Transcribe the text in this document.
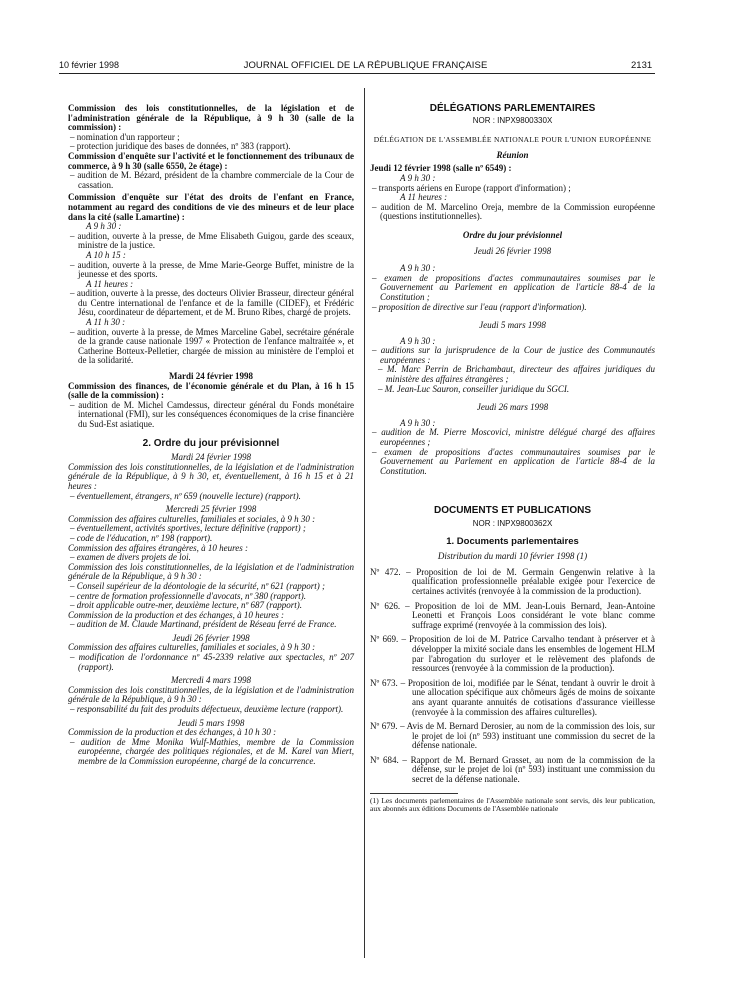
10 février 1998	JOURNAL OFFICIEL DE LA RÉPUBLIQUE FRANÇAISE	2131

Commission des lois constitutionnelles, de la législation et de l'administration générale de la République, à 9 h 30 (salle de la commission) :

– nomination d'un rapporteur ;

– protection juridique des bases de données, nº 383 (rapport).

Commission d'enquête sur l'activité et le fonctionnement des tribunaux de commerce, à 9 h 30 (salle 6550, 2e étage) :

– audition de M. Bézard, président de la chambre commerciale de la Cour de cassation.

Commission d'enquête sur l'état des droits de l'enfant en France, notamment au regard des conditions de vie des mineurs et de leur place dans la cité (salle Lamartine) :

A 9 h 30 :

– audition, ouverte à la presse, de Mme Elisabeth Guigou, garde des sceaux, ministre de la justice.

A 10 h 15 :

– audition, ouverte à la presse, de Mme Marie-George Buffet, ministre de la jeunesse et des sports.

A 11 heures :

– audition, ouverte à la presse, des docteurs Olivier Brasseur, directeur général du Centre international de l'enfance et de la famille (CIDEF), et Frédéric Jésu, coordinateur de département, et de M. Bruno Ribes, chargé de projets.

A 11 h 30 :

– audition, ouverte à la presse, de Mmes Marceline Gabel, secrétaire générale de la grande cause nationale 1997 « Protection de l'enfance maltraitée », et Catherine Botteux-Pelletier, chargée de mission au ministère de l'emploi et de la solidarité.

Mardi 24 février 1998

Commission des finances, de l'économie générale et du Plan, à 16 h 15 (salle de la commission) :

– audition de M. Michel Camdessus, directeur général du Fonds monétaire international (FMI), sur les conséquences économiques de la crise financière du Sud-Est asiatique.

2. Ordre du jour prévisionnel

Mardi 24 février 1998

Commission des lois constitutionnelles, de la législation et de l'administration générale de la République, à 9 h 30, et, éventuellement, à 16 h 15 et à 21 heures :

– éventuellement, étrangers, nº 659 (nouvelle lecture) (rapport).

Mercredi 25 février 1998

Commission des affaires culturelles, familiales et sociales, à 9 h 30 :

– éventuellement, activités sportives, lecture définitive (rapport) ;

– code de l'éducation, nº 198 (rapport).

Commission des affaires étrangères, à 10 heures :

– examen de divers projets de loi.

Commission des lois constitutionnelles, de la législation et de l'administration générale de la République, à 9 h 30 :

– Conseil supérieur de la déontologie de la sécurité, nº 621 (rapport) ;

– centre de formation professionnelle d'avocats, nº 380 (rapport).

– droit applicable outre-mer, deuxième lecture, nº 687 (rapport).

Commission de la production et des échanges, à 10 heures :

– audition de M. Claude Martinand, président de Réseau ferré de France.

Jeudi 26 février 1998

Commission des affaires culturelles, familiales et sociales, à 9 h 30 :

– modification de l'ordonnance nº 45-2339 relative aux spectacles, nº 207 (rapport).

Mercredi 4 mars 1998

Commission des lois constitutionnelles, de la législation et de l'administration générale de la République, à 9 h 30 :

– responsabilité du fait des produits défectueux, deuxième lecture (rapport).

Jeudi 5 mars 1998

Commission de la production et des échanges, à 10 h 30 :

– audition de Mme Monika Wulf-Mathies, membre de la Commission européenne, chargée des politiques régionales, et de M. Karel van Miert, membre de la Commission européenne, chargé de la concurrence.

DÉLÉGATIONS PARLEMENTAIRES

NOR : INPX9800330X

DÉLÉGATION DE L'ASSEMBLÉE NATIONALE POUR L'UNION EUROPÉENNE

Réunion

Jeudi 12 février 1998 (salle nº 6549) :

A 9 h 30 :

– transports aériens en Europe (rapport d'information) ;

A 11 heures :

– audition de M. Marcelino Oreja, membre de la Commission européenne (questions institutionnelles).

Ordre du jour prévisionnel

Jeudi 26 février 1998

A 9 h 30 :

– examen de propositions d'actes communautaires soumises par le Gouvernement au Parlement en application de l'article 88-4 de la Constitution ;

– proposition de directive sur l'eau (rapport d'information).

Jeudi 5 mars 1998

A 9 h 30 :

– auditions sur la jurisprudence de la Cour de justice des Communautés européennes :

– M. Marc Perrin de Brichambaut, directeur des affaires juridiques du ministère des affaires étrangères ;

– M. Jean-Luc Sauron, conseiller juridique du SGCI.

Jeudi 26 mars 1998

A 9 h 30 :

– audition de M. Pierre Moscovici, ministre délégué chargé des affaires européennes ;

– examen de propositions d'actes communautaires soumises par le Gouvernement au Parlement en application de l'article 88-4 de la Constitution.

DOCUMENTS ET PUBLICATIONS

NOR : INPX9800362X

1. Documents parlementaires

Distribution du mardi 10 février 1998 (1)

Nº 472. – Proposition de loi de M. Germain Gengenwin relative à la qualification professionnelle préalable exigée pour l'exercice de certaines activités (renvoyée à la commission de la production).

Nº 626. – Proposition de loi de MM. Jean-Louis Bernard, Jean-Antoine Leonetti et François Loos considérant le vote blanc comme suffrage exprimé (renvoyée à la commission des lois).

Nº 669. – Proposition de loi de M. Patrice Carvalho tendant à préserver et à développer la mixité sociale dans les ensembles de logement HLM par l'abrogation du surloyer et le relèvement des plafonds de ressources (renvoyée à la commission de la production).

Nº 673. – Proposition de loi, modifiée par le Sénat, tendant à ouvrir le droit à une allocation spécifique aux chômeurs âgés de moins de soixante ans ayant quarante annuités de cotisations d'assurance vieillesse (renvoyée à la commission des affaires culturelles).

Nº 679. – Avis de M. Bernard Derosier, au nom de la commission des lois, sur le projet de loi (nº 593) instituant une commission du secret de la défense nationale.

Nº 684. – Rapport de M. Bernard Grasset, au nom de la commission de la défense, sur le projet de loi (nº 593) instituant une commission du secret de la défense nationale.

(1) Les documents parlementaires de l'Assemblée nationale sont servis, dès leur publication, aux abonnés aux éditions Documents de l'Assemblée nationale
